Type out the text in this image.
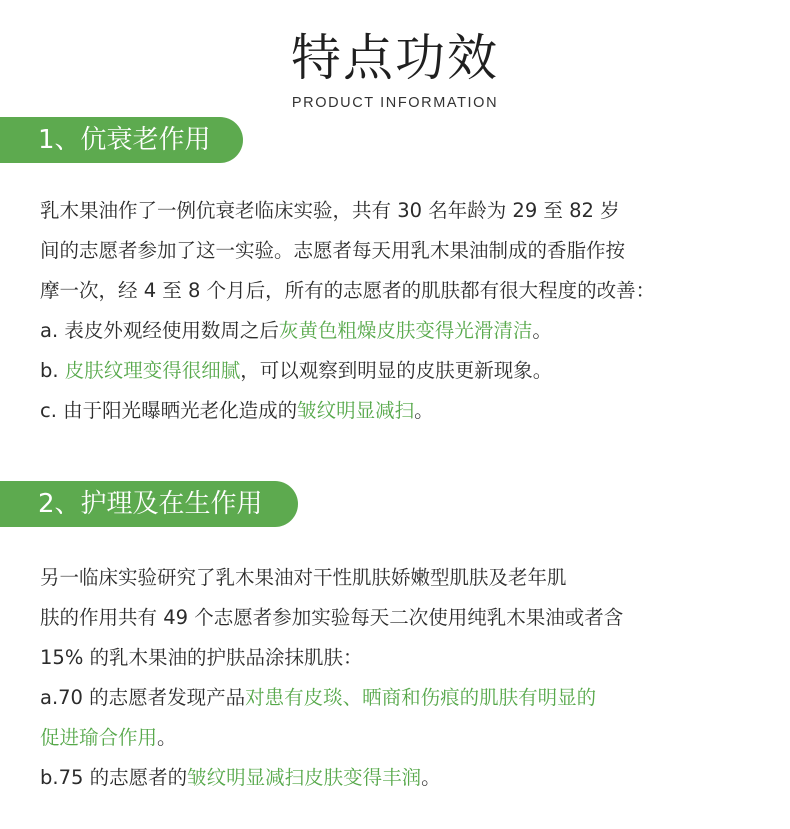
特点功效
PRODUCT INFORMATION
1、伉衰老作用
乳木果油作了一例伉衰老临床实验，共有 30 名年龄为 29 至 82 岁
间的志愿者参加了这一实验。志愿者每天用乳木果油制成的香脂作按
摩一次，经 4 至 8 个月后，所有的志愿者的肌肤都有很大程度的改善：
a. 表皮外观经使用数周之后灰黄色粗燥皮肤变得光滑清洁。
b. 皮肤纹理变得很细腻，可以观察到明显的皮肤更新现象。
c. 由于阳光曝晒光老化造成的皱纹明显减扫。
2、护理及在生作用
另一临床实验研究了乳木果油对干性肌肤娇嫩型肌肤及老年肌
肤的作用共有 49 个志愿者参加实验每天二次使用纯乳木果油或者含
15% 的乳木果油的护肤品涂抹肌肤：
a.70 的志愿者发现产品对患有皮琰、晒商和伤痕的肌肤有明显的
促进瑜合作用。
b.75 的志愿者的皱纹明显减扫皮肤变得丰润。
